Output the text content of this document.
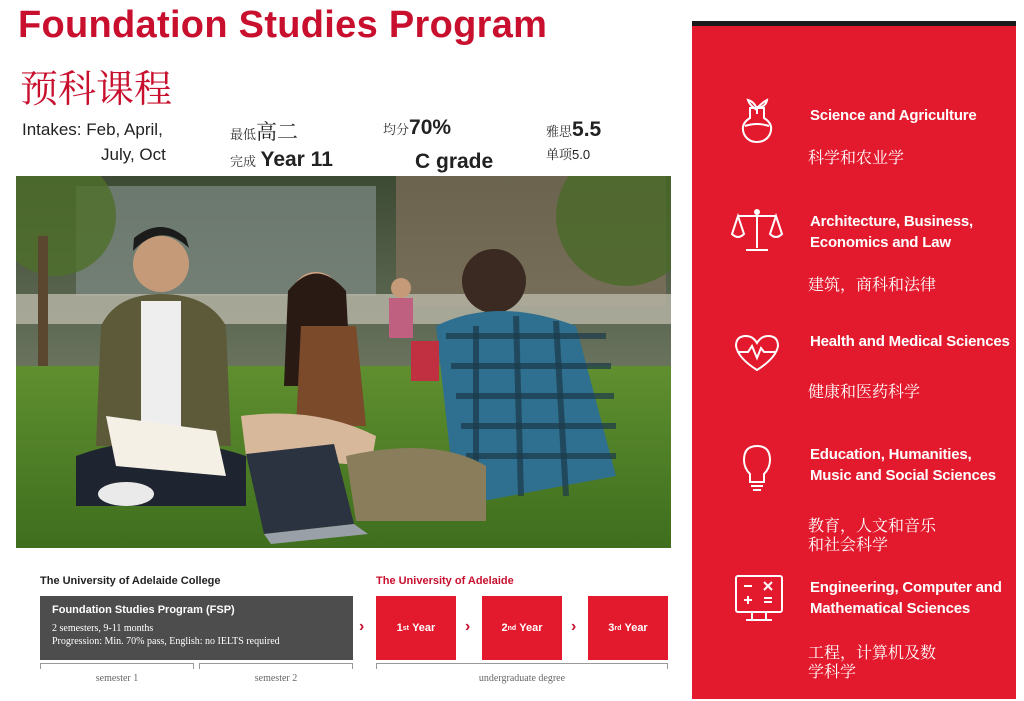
Foundation Studies Program
预科课程
Intakes: Feb, April,
July, Oct
最低高二
完成 Year 11
均分70%
C grade
雅思5.5
单项5.0
The University of Adelaide College	The University of Adelaide
Foundation Studies Program (FSP)
2 semesters, 9-11 months
Progression: Min. 70% pass, English: no IELTS required
›	1 st
Year ›	2 nd
Year ›	3 rd
Year
semester 1	semester 2	undergraduate degree
Science and Agriculture
科学和农业学
Architecture, Business, Economics and Law
建筑，商科和法律
Health and Medical Sciences
健康和医药科学
Education, Humanities, Music and Social Sciences
教育，人文和音乐和社会科学
Engineering, Computer and Mathematical Sciences
工程，计算机及数学科学
